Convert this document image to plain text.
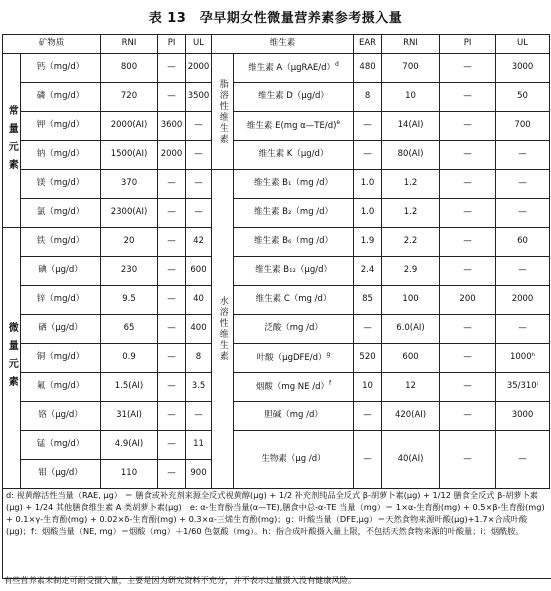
表 13　孕早期女性微量营养素参考摄入量
矿物质		RNI	PI	UL	维生素		EAR	RNI	PI	UL
常量元素	钙（mg/d）	800	—	2000	脂溶性维生素	维生素 A（μgRAE/d）$^d$	480	700	—	3000
	磷（mg/d）	720	—	3500		维生素 D（μg/d）	8	10	—	50
	钾（mg/d）	2000(AI)	3600	—		维生素 E(mg α—TE/d)$^e$	—	14(AI)	—	700
	钠（mg/d）	1500(AI)	2000	—		维生素 K（μg/d）	—	80(AI)	—	—
	镁（mg/d）	370	—	—	水溶性维生素	维生素 B₁（mg /d）	1.0	1.2	—	—
	氯（mg/d）	2300(AI)	—	—		维生素 B₂（mg /d）	1.0	1.2	—	—
微量元素	铁（mg/d）	20	—	42		维生素 B₆（mg /d）	1.9	2.2	—	60
	碘（μg/d）	230	—	600		维生素 B₁₂（μg/d）	2.4	2.9	—	—
	锌（mg/d）	9.5	—	40		维生素 C（mg /d）	85	100	200	2000
	硒（μg/d）	65	—	400		泛酸（mg /d）	—	6.0(AI)	—	—
	铜（mg/d）	0.9	—	8		叶酸（μgDFE/d）$^g$	520	600	—	1000ʰ
	氟（mg/d）	1.5(AI)	—	3.5		烟酸（mg NE /d）$^f$	10	12	—	35/310ⁱ
	铬（μg/d）	31(AI)	—	—		胆碱（mg /d）	—	420(AI)	—	3000
	锰（mg/d）	4.9(AI)	—	11		生物素（μg /d）	—	40(AI)	—	—
	钼（μg/d）	110	—	900						
d: 视黄醇活性当量（RAE, μg） ＝ 膳食或补充剂来源全反式视黄醇(μg) + 1/2 补充剂纯品全反式 β-胡萝卜素(μg) + 1/12 膳食全反式 β-胡萝卜素(μg) + 1/24 其他膳食维生素 A 类胡萝卜素(μg)　e: α-生育酚当量(α—TE),膳食中总-α-TE 当量（mg）＝ 1×α-生育酚(mg) + 0.5×β-生育酚(mg) + 0.1×γ-生育酚(mg) + 0.02×δ-生育酚(mg) + 0.3×α-三烯生育酚(mg)；g：叶酸当量（DFE,μg）＝天然食物来源叶酸(μg)+1.7×合成叶酸(μg)；f：烟酸当量（NE, mg）＝烟酸（mg）＋1/60 色氨酸（mg）。h：指合成叶酸摄入量上限，不包括天然食物来源的叶酸量；i：烟酰胺。
有些营养素未制定可耐受摄入量，主要是因为研究资料不充分，并不表示过量摄入没有健康风险。
